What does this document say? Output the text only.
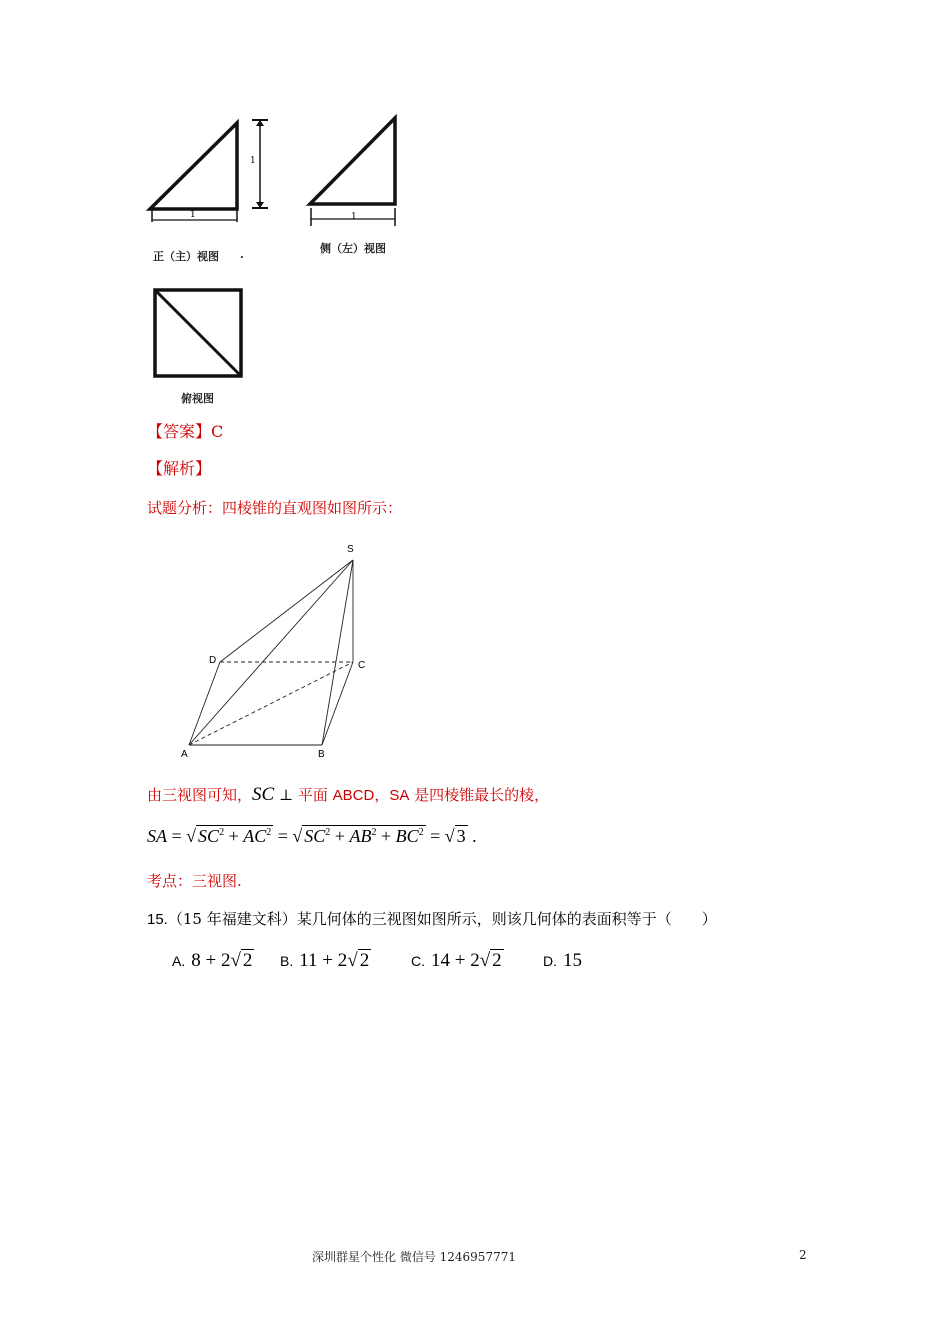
1
1
正（主）视图 .
1
侧（左）视图
俯视图
【答案】C
【解析】
试题分析：四棱锥的直观图如图所示：
S
D	C
A	B
由三视图可知，SC ⊥ 平面 ABCD，SA 是四棱锥最长的棱，
SA = √ $SC^2 + AC^2$ = √ $SC^2 + AB^2 + BC^2$ = √ 3 .
考点：三视图.
15.（15 年福建文科）某几何体的三视图如图所示，则该几何体的表面积等于（　　）
A. 8 + 2√ 2 B. 11 + 2√ 2	C. 14 + 2√ 2	D. 15
深圳群星个性化 微信号 1246957771	2
